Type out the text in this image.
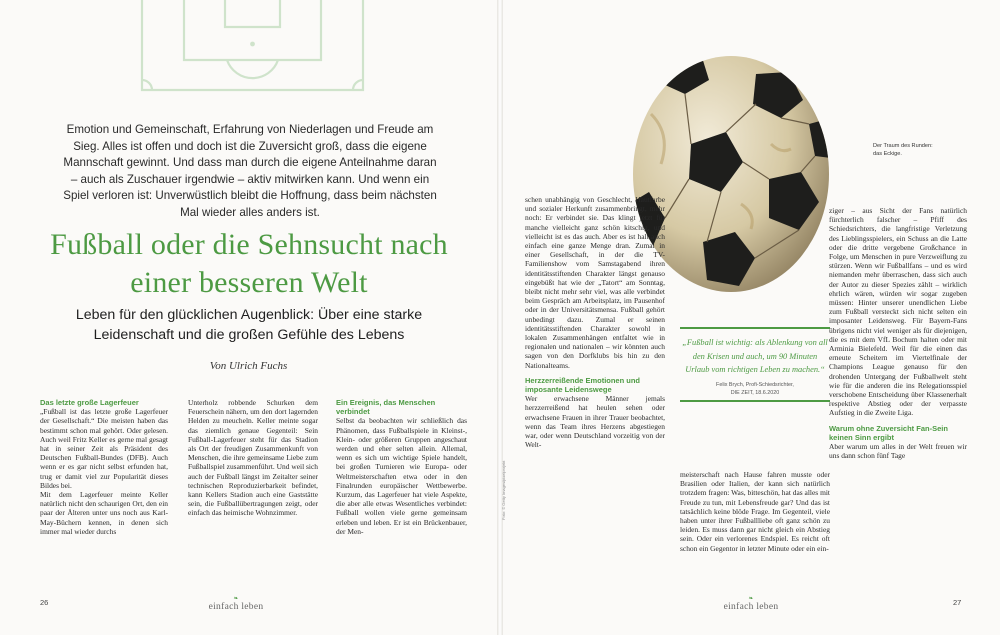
Emotion und Gemeinschaft, Erfahrung von Niederlagen und Freude am Sieg. Alles ist offen und doch ist die Zuversicht groß, dass die eigene Mannschaft gewinnt. Und dass man durch die eigene Anteilnahme daran – auch als Zuschauer irgendwie – aktiv mitwirken kann. Und wenn ein Spiel verloren ist: Unverwüstlich bleibt die Hoffnung, dass beim nächsten Mal wieder alles anders ist.

Fußball oder die Sehnsucht nach einer besseren Welt

Leben für den glücklichen Augenblick: Über eine starke Leidenschaft und die großen Gefühle des Lebens

Von Ulrich Fuchs

Das letzte große Lagerfeuer

„Fußball ist das letzte große Lagerfeuer der Gesellschaft.“ Die meisten haben das bestimmt schon mal gehört. Oder gelesen. Auch weil Fritz Keller es gerne mal gesagt hat in seiner Zeit als Präsident des Deutschen Fußball-Bundes (DFB). Auch wenn er es gar nicht selbst erfunden hat, trug er damit viel zur Popularität dieses Bildes bei.

Mit dem Lagerfeuer meinte Keller natürlich nicht den schaurigen Ort, den ein paar der Älteren unter uns noch aus Karl-May-Büchern kennen, in denen sich immer mal wieder durchs

Unterholz robbende Schurken dem Feuerschein nähern, um den dort lagernden Helden zu meucheln. Keller meinte sogar das ziemlich genaue Gegenteil: Sein Fußball-Lagerfeuer steht für das Stadion als Ort der freudigen Zusammenkunft von Menschen, die ihre gemeinsame Liebe zum Fußballspiel zusammenführt. Und weil sich auch der Fußball längst im Zeitalter seiner technischen Reproduzierbarkeit befindet, kann Kellers Stadion auch eine Gaststätte sein, die Fußballübertragungen zeigt, oder einfach das heimische Wohnzimmer.

Ein Ereignis, das Menschen verbindet

Selbst da beobachten wir schließlich das Phänomen, dass Fußballspiele in Kleinst-, Klein- oder größeren Gruppen angeschaut werden und eher selten allein. Allemal, wenn es sich um wichtige Spiele handelt, bei großen Turnieren wie Europa- oder Weltmeisterschaften etwa oder in den Finalrunden europäischer Wettbewerbe. Kurzum, das Lagerfeuer hat viele Aspekte, die aber alle etwas Wesentliches verbindet: Fußball wollen viele gerne gemeinsam erleben und leben. Er ist ein Brückenbauer, der Men-

26	❧
einfach leben
Der Traum des Runden: das Eckige.
Foto: © Getty Images/pixelprojekt

schen unabhängig von Geschlecht, Hautfarbe und sozialer Herkunft zusammenbringt, mehr noch: Er verbindet sie. Das klingt jetzt für manche vielleicht ganz schön kitschig, und vielleicht ist es das auch. Aber es ist halt auch einfach eine ganze Menge dran. Zumal in einer Gesellschaft, in der die TV-Familienshow vom Samstagabend ihren identitätsstiftenden Charakter längst genauso eingebüßt hat wie der „Tatort“ am Sonntag, bleibt nicht mehr sehr viel, was alle verbindet beim Gespräch am Arbeitsplatz, im Pausenhof oder in der Universitätsmensa. Fußball gehört unbedingt dazu. Zumal er seinen identitätsstiftenden Charakter sowohl in lokalen Zusammenhängen entfaltet wie in regionalen und nationalen – wir könnten auch sagen von den Dorfklubs bis hin zu den Nationalteams.

Herzzerreißende Emotionen und imposante Leidenswege

Wer erwachsene Männer jemals herzzerreißend hat heulen sehen oder erwachsene Frauen in ihrer Trauer beobachtet, wenn das Team ihres Herzens abgestiegen war, oder wenn Deutschland vorzeitig von der Welt-

„Fußball ist wichtig: als Ablenkung von all den Krisen und auch, um 90 Minuten Urlaub vom richtigen Leben zu machen.“

Felix Brych, Profi-Schiedsrichter,
DIE ZEIT, 18.6.2020

meisterschaft nach Hause fahren musste oder Brasilien oder Italien, der kann sich natürlich trotzdem fragen: Was, bitteschön, hat das alles mit Freude zu tun, mit Lebensfreude gar? Und das ist tatsächlich keine blöde Frage. Im Gegenteil, viele haben unter ihrer Fußballliebe oft ganz schön zu leiden. Es muss dann gar nicht gleich ein Abstieg sein. Oder ein verlorenes Endspiel. Es reicht oft schon ein Gegentor in letzter Minute oder ein ein-

ziger – aus Sicht der Fans natürlich fürchterlich falscher – Pfiff des Schiedsrichters, die langfristige Verletzung des Lieblingsspielers, ein Schuss an die Latte oder die dritte vergebene Großchance in Folge, um Menschen in pure Verzweiflung zu stürzen. Wenn wir Fußballfans – und es wird niemanden mehr überraschen, dass sich auch der Autor zu dieser Spezies zählt – wirklich ehrlich wären, würden wir sogar zugeben müssen: Hinter unserer unendlichen Liebe zum Fußball versteckt sich nicht selten ein imposanter Leidensweg. Für Bayern-Fans übrigens nicht viel weniger als für diejenigen, die es mit dem VfL Bochum halten oder mit Arminia Bielefeld. Weil für die einen das erneute Scheitern im Viertelfinale der Champions League genauso für den drohenden Untergang der Fußballwelt steht wie für die anderen die ins Relegationsspiel verschobene Entscheidung über Klassenerhalt respektive Abstieg oder der verpasste Aufstieg in die Zweite Liga.

Warum ohne Zuversicht Fan-Sein keinen Sinn ergibt

Aber warum um alles in der Welt freuen wir uns dann schon fünf Tage

27
❧
einfach leben
